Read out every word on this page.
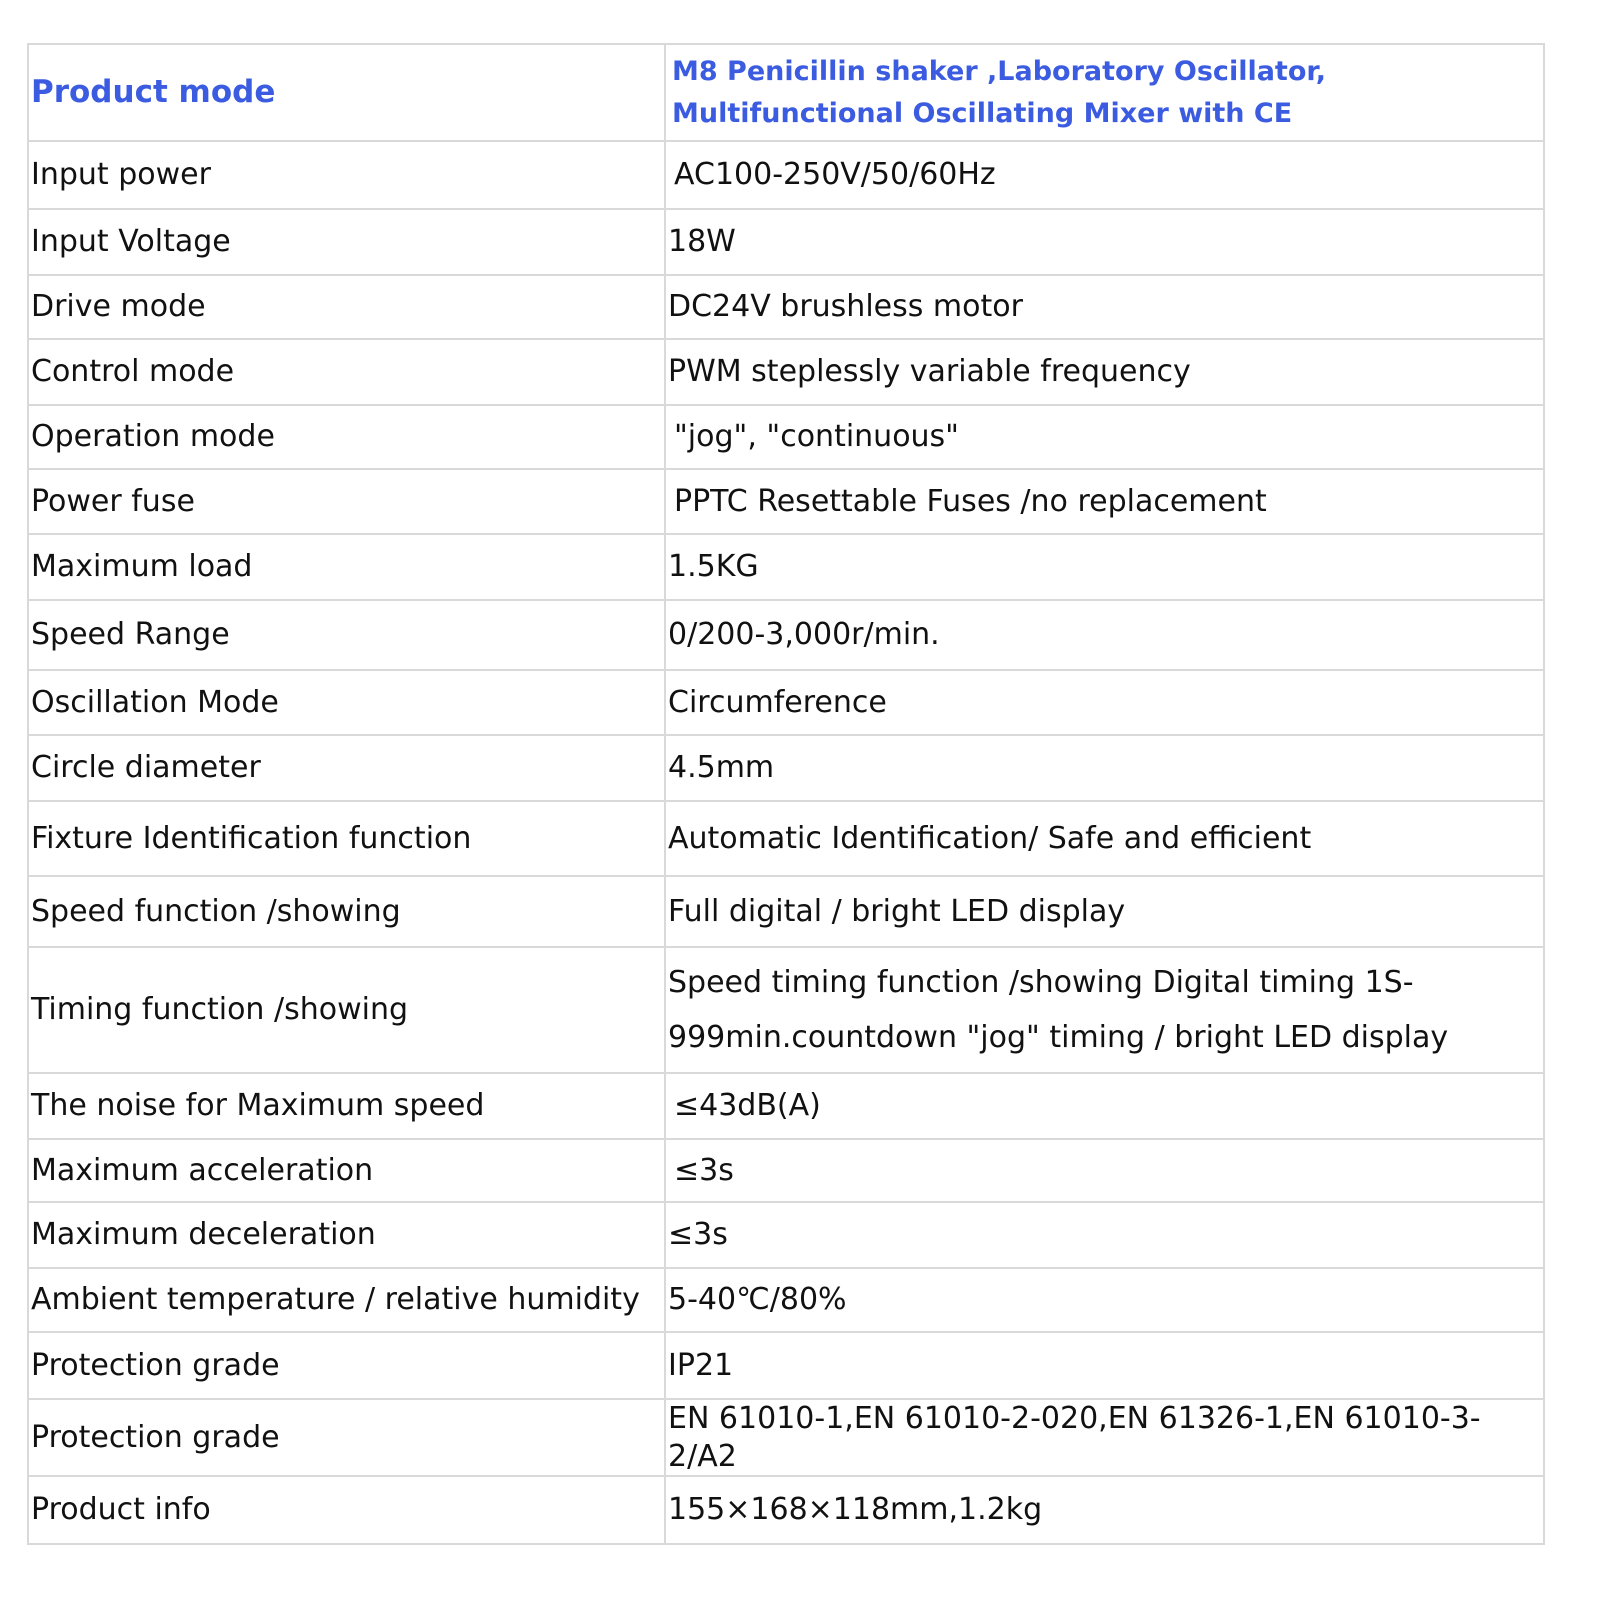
Product mode	M8 Penicillin shaker ,Laboratory Oscillator, Multifunctional Oscillating Mixer with CE
Input power	AC100-250V/50/60Hz
Input Voltage	18W
Drive mode	DC24V brushless motor
Control mode	PWM steplessly variable frequency
Operation mode	"jog", "continuous"
Power fuse	PPTC Resettable Fuses /no replacement
Maximum load	1.5KG
Speed Range	0/200-3,000r/min.
Oscillation Mode	Circumference
Circle diameter	4.5mm
Fixture Identification function	Automatic Identification/ Safe and efficient
Speed function /showing	Full digital / bright LED display
Timing function /showing	Speed timing function /showing Digital timing 1S-999min.countdown "jog" timing / bright LED display
The noise for Maximum speed	≤43dB(A)
Maximum acceleration	≤3s
Maximum deceleration	≤3s
Ambient temperature / relative humidity	5-40℃/80%
Protection grade	IP21
Protection grade	EN 61010-1,EN 61010-2-020,EN 61326-1,EN 61010-3-2/A2
Product info	155×168×118mm,1.2kg
